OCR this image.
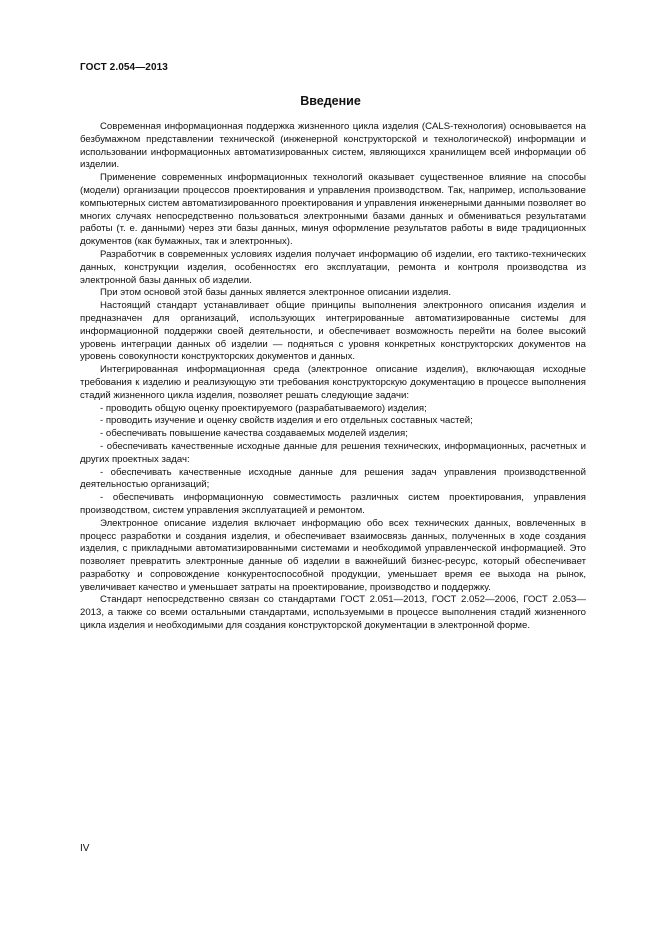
ГОСТ 2.054—2013
Введение

Современная информационная поддержка жизненного цикла изделия (CALS-технология) основывается на безбумажном представлении технической (инженерной конструкторской и технологической) информации и использовании информационных автоматизированных систем, являющихся хранилищем всей информации об изделии.

Применение современных информационных технологий оказывает существенное влияние на способы (модели) организации процессов проектирования и управления производством. Так, например, использование компьютерных систем автоматизированного проектирования и управления инженерными данными позволяет во многих случаях непосредственно пользоваться электронными базами данных и обмениваться результатами работы (т. е. данными) через эти базы данных, минуя оформление результатов работы в виде традиционных документов (как бумажных, так и электронных).

Разработчик в современных условиях изделия получает информацию об изделии, его тактико-технических данных, конструкции изделия, особенностях его эксплуатации, ремонта и контроля производства из электронной базы данных об изделии.

При этом основой этой базы данных является электронное описании изделия.

Настоящий стандарт устанавливает общие принципы выполнения электронного описания изделия и предназначен для организаций, использующих интегрированные автоматизированные системы для информационной поддержки своей деятельности, и обеспечивает возможность перейти на более высокий уровень интеграции данных об изделии — подняться с уровня конкретных конструкторских документов на уровень совокупности конструкторских документов и данных.

Интегрированная информационная среда (электронное описание изделия), включающая исходные требования к изделию и реализующую эти требования конструкторскую документацию в процессе выполнения стадий жизненного цикла изделия, позволяет решать следующие задачи:

- проводить общую оценку проектируемого (разрабатываемого) изделия;

- проводить изучение и оценку свойств изделия и его отдельных составных частей;

- обеспечивать повышение качества создаваемых моделей изделия;

- обеспечивать качественные исходные данные для решения технических, информационных, расчетных и других проектных задач:

- обеспечивать качественные исходные данные для решения задач управления производственной деятельностью организаций;

- обеспечивать информационную совместимость различных систем проектирования, управления производством, систем управления эксплуатацией и ремонтом.

Электронное описание изделия включает информацию обо всех технических данных, вовлеченных в процесс разработки и создания изделия, и обеспечивает взаимосвязь данных, полученных в ходе создания изделия, с прикладными автоматизированными системами и необходимой управленческой информацией. Это позволяет превратить электронные данные об изделии в важнейший бизнес-ресурс, который обеспечивает разработку и сопровождение конкурентоспособной продукции, уменьшает время ее выхода на рынок, увеличивает качество и уменьшает затраты на проектирование, производство и поддержку.

Стандарт непосредственно связан со стандартами ГОСТ 2.051—2013, ГОСТ 2.052—2006, ГОСТ 2.053—2013, а также со всеми остальными стандартами, используемыми в процессе выполнения стадий жизненного цикла изделия и необходимыми для создания конструкторской документации в электронной форме.

IV
